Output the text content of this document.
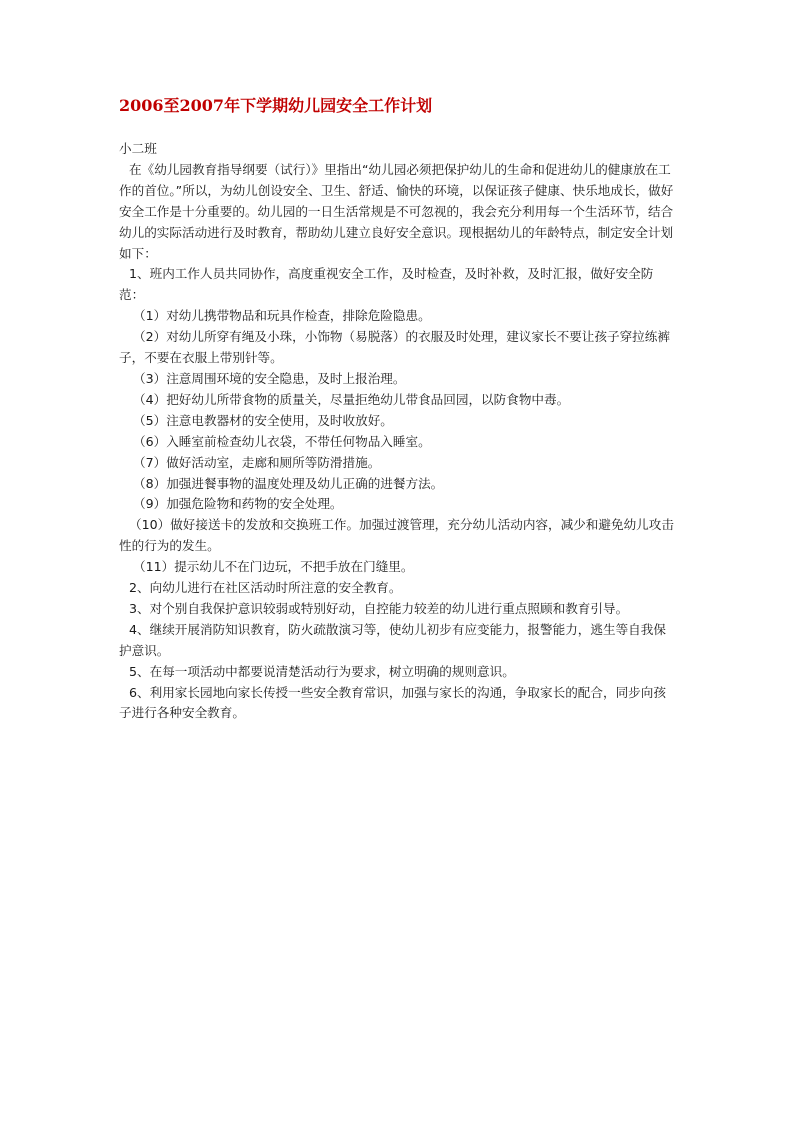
2006至2007年下学期幼儿园安全工作计划

小二班

在《幼儿园教育指导纲要（试行）》里指出“幼儿园必须把保护幼儿的生命和促进幼儿的健康放在工作的首位。”所以，为幼儿创设安全、卫生、舒适、愉快的环境，以保证孩子健康、快乐地成长，做好安全工作是十分重要的。幼儿园的一日生活常规是不可忽视的，我会充分利用每一个生活环节，结合幼儿的实际活动进行及时教育，帮助幼儿建立良好安全意识。现根据幼儿的年龄特点，制定安全计划如下：

1、班内工作人员共同协作，高度重视安全工作，及时检查，及时补救，及时汇报，做好安全防范：

（1）对幼儿携带物品和玩具作检查，排除危险隐患。

（2）对幼儿所穿有绳及小珠，小饰物（易脱落）的衣服及时处理，建议家长不要让孩子穿拉练裤子，不要在衣服上带别针等。

（3）注意周围环境的安全隐患，及时上报治理。

（4）把好幼儿所带食物的质量关，尽量拒绝幼儿带食品回园，以防食物中毒。

（5）注意电教器材的安全使用，及时收放好。

（6）入睡室前检查幼儿衣袋，不带任何物品入睡室。

（7）做好活动室，走廊和厕所等防滑措施。

（8）加强进餐事物的温度处理及幼儿正确的进餐方法。

（9）加强危险物和药物的安全处理。

（10）做好接送卡的发放和交换班工作。加强过渡管理，充分幼儿活动内容，减少和避免幼儿攻击性的行为的发生。

（11）提示幼儿不在门边玩，不把手放在门缝里。

2、向幼儿进行在社区活动时所注意的安全教育。

3、对个别自我保护意识较弱或特别好动，自控能力较差的幼儿进行重点照顾和教育引导。

4、继续开展消防知识教育，防火疏散演习等，使幼儿初步有应变能力，报警能力，逃生等自我保护意识。

5、在每一项活动中都要说清楚活动行为要求，树立明确的规则意识。

6、利用家长园地向家长传授一些安全教育常识，加强与家长的沟通，争取家长的配合，同步向孩子进行各种安全教育。
